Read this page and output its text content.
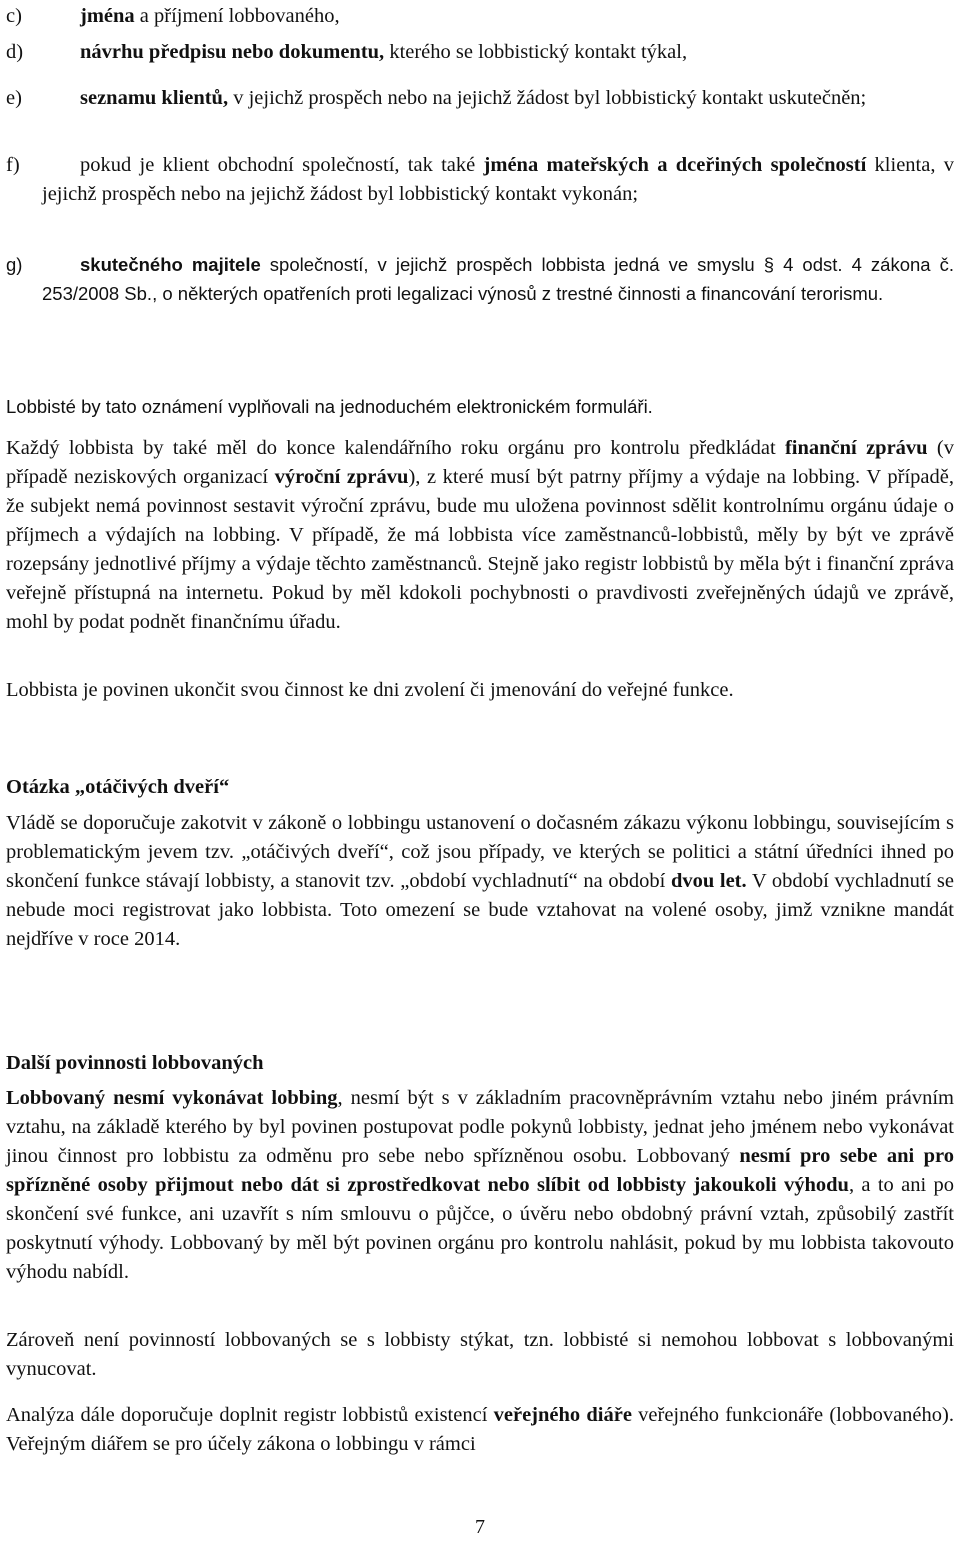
c)	jména a příjmení lobbovaného,
d)	návrhu předpisu nebo dokumentu, kterého se lobbistický kontakt týkal,
e)	seznamu klientů, v jejichž prospěch nebo na jejichž žádost byl lobbistický kontakt uskutečněn;
f)	pokud je klient obchodní společností, tak také jména mateřských a dceřiných společností klienta, v jejichž prospěch nebo na jejichž žádost byl lobbistický kontakt vykonán;
g)	skutečného majitele společností, v jejichž prospěch lobbista jedná ve smyslu § 4 odst. 4 zákona č. 253/2008 Sb., o některých opatřeních proti legalizaci výnosů z trestné činnosti a financování terorismu.
Lobbisté by tato oznámení vyplňovali na jednoduchém elektronickém formuláři.
Každý lobbista by také měl do konce kalendářního roku orgánu pro kontrolu předkládat finanční zprávu (v případě neziskových organizací výroční zprávu), z které musí být patrny příjmy a výdaje na lobbing. V případě, že subjekt nemá povinnost sestavit výroční zprávu, bude mu uložena povinnost sdělit kontrolnímu orgánu údaje o příjmech a výdajích na lobbing. V případě, že má lobbista více zaměstnanců-lobbistů, měly by být ve zprávě rozepsány jednotlivé příjmy a výdaje těchto zaměstnanců. Stejně jako registr lobbistů by měla být i finanční zpráva veřejně přístupná na internetu. Pokud by měl kdokoli pochybnosti o pravdivosti zveřejněných údajů ve zprávě, mohl by podat podnět finančnímu úřadu.
Lobbista je povinen ukončit svou činnost ke dni zvolení či jmenování do veřejné funkce.
Otázka „otáčivých dveří“
Vládě se doporučuje zakotvit v zákoně o lobbingu ustanovení o dočasném zákazu výkonu lobbingu, souvisejícím s problematickým jevem tzv. „otáčivých dveří“, což jsou případy, ve kterých se politici a státní úředníci ihned po skončení funkce stávají lobbisty, a stanovit tzv. „období vychladnutí“ na období dvou let. V období vychladnutí se nebude moci registrovat jako lobbista. Toto omezení se bude vztahovat na volené osoby, jimž vznikne mandát nejdříve v roce 2014.
Další povinnosti lobbovaných
Lobbovaný nesmí vykonávat lobbing, nesmí být s v základním pracovněprávním vztahu nebo jiném právním vztahu, na základě kterého by byl povinen postupovat podle pokynů lobbisty, jednat jeho jménem nebo vykonávat jinou činnost pro lobbistu za odměnu pro sebe nebo spřízněnou osobu. Lobbovaný nesmí pro sebe ani pro spřízněné osoby přijmout nebo dát si zprostředkovat nebo slíbit od lobbisty jakoukoli výhodu, a to ani po skončení své funkce, ani uzavřít s ním smlouvu o půjčce, o úvěru nebo obdobný právní vztah, způsobilý zastřít poskytnutí výhody. Lobbovaný by měl být povinen orgánu pro kontrolu nahlásit, pokud by mu lobbista takovouto výhodu nabídl.
Zároveň není povinností lobbovaných se s lobbisty stýkat, tzn. lobbisté si nemohou lobbovat s lobbovanými vynucovat.
Analýza dále doporučuje doplnit registr lobbistů existencí veřejného diáře veřejného funkcionáře (lobbovaného). Veřejným diářem se pro účely zákona o lobbingu v rámci
7
